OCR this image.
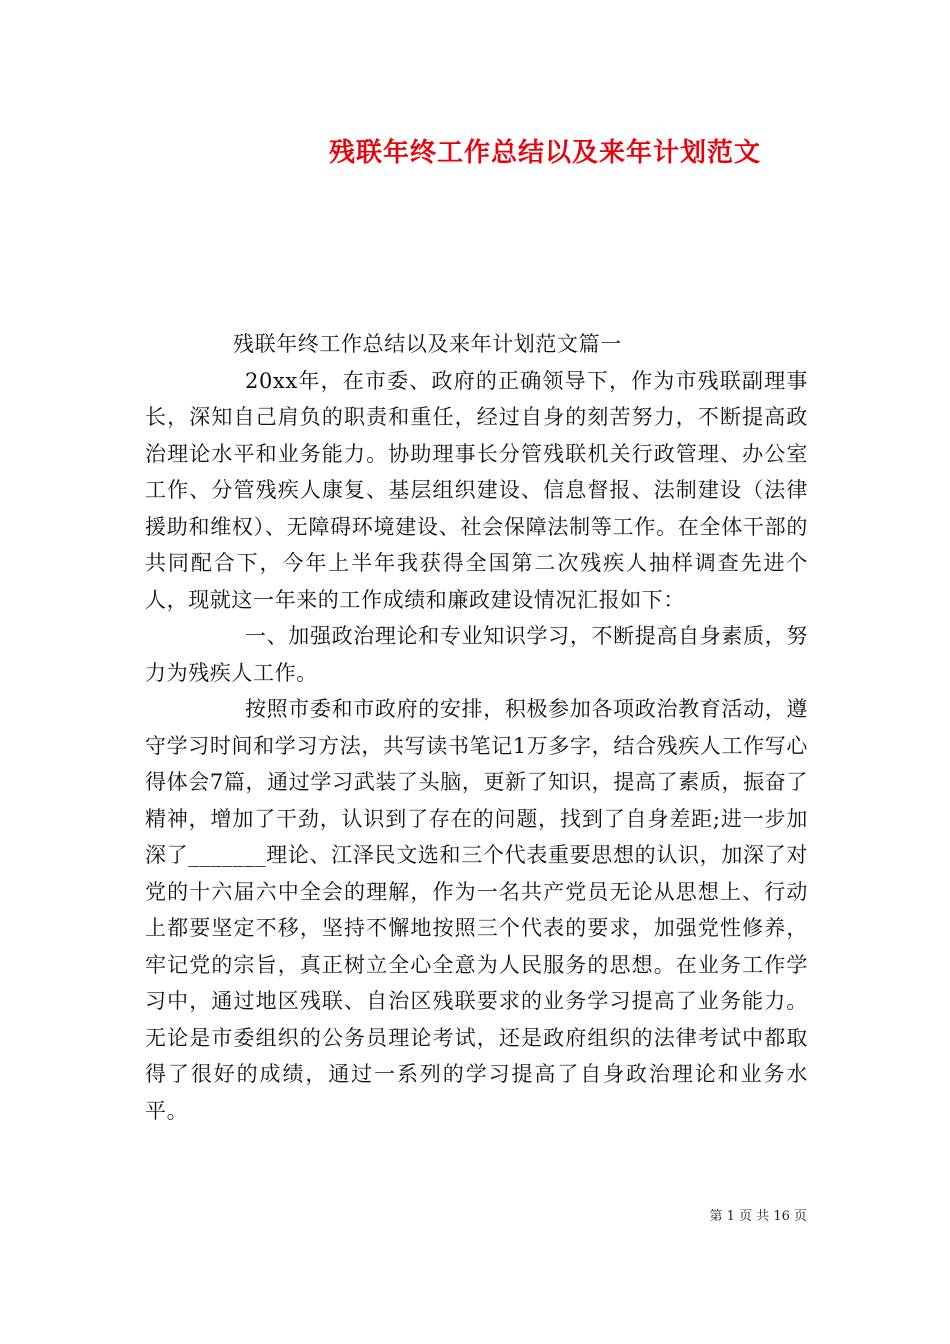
残联年终工作总结以及来年计划范文

残联年终工作总结以及来年计划范文篇一

20xx年，在市委、政府的正确领导下，作为市残联副理事长，深知自己肩负的职责和重任，经过自身的刻苦努力，不断提高政治理论水平和业务能力。协助理事长分管残联机关行政管理、办公室工作、分管残疾人康复、基层组织建设、信息督报、法制建设（法律援助和维权）、无障碍环境建设、社会保障法制等工作。在全体干部的共同配合下，今年上半年我获得全国第二次残疾人抽样调查先进个人，现就这一年来的工作成绩和廉政建设情况汇报如下：

一、加强政治理论和专业知识学习，不断提高自身素质，努力为残疾人工作。

按照市委和市政府的安排，积极参加各项政治教育活动，遵守学习时间和学习方法，共写读书笔记1万多字，结合残疾人工作写心得体会7篇，通过学习武装了头脑，更新了知识，提高了素质，振奋了精神，增加了干劲，认识到了存在的问题，找到了自身差距;进一步加深了_______理论、江泽民文选和三个代表重要思想的认识，加深了对党的十六届六中全会的理解，作为一名共产党员无论从思想上、行动上都要坚定不移，坚持不懈地按照三个代表的要求，加强党性修养，牢记党的宗旨，真正树立全心全意为人民服务的思想。在业务工作学习中，通过地区残联、自治区残联要求的业务学习提高了业务能力。无论是市委组织的公务员理论考试，还是政府组织的法律考试中都取得了很好的成绩，通过一系列的学习提高了自身政治理论和业务水平。

第 1 页 共 16 页
